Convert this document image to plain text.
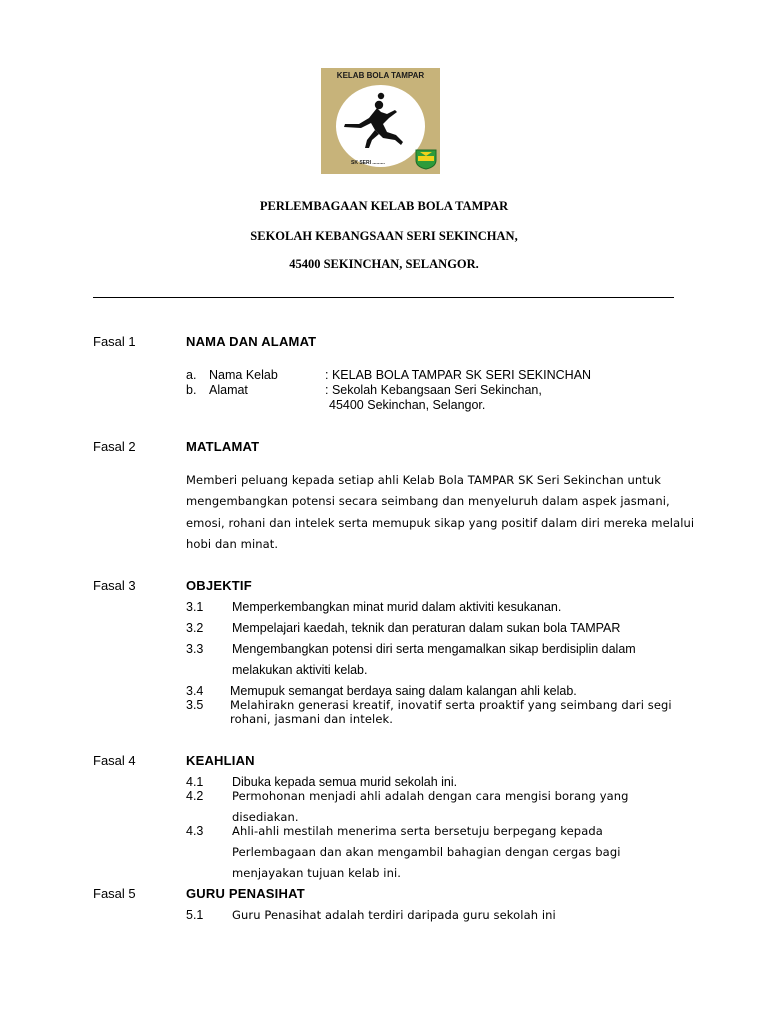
KELAB BOLA TAMPAR
SK SERI .........
PERLEMBAGAAN KELAB BOLA TAMPAR
SEKOLAH KEBANGSAAN SERI SEKINCHAN,
45400 SEKINCHAN, SELANGOR.
Fasal 1	NAMA DAN ALAMAT
a. Nama Kelab	: KELAB BOLA TAMPAR SK SERI SEKINCHAN
b. Alamat	: Sekolah Kebangsaan Seri Sekinchan,
45400 Sekinchan, Selangor.
Fasal 2	MATLAMAT
Memberi peluang kepada setiap ahli Kelab Bola TAMPAR SK Seri Sekinchan untuk
mengembangkan potensi secara seimbang dan menyeluruh dalam aspek jasmani,
emosi, rohani dan intelek serta memupuk sikap yang positif dalam diri mereka melalui
hobi dan minat.
Fasal 3	OBJEKTIF
3.1 Memperkembangkan minat murid dalam aktiviti kesukanan.
3.2 Mempelajari kaedah, teknik dan peraturan dalam sukan bola TAMPAR
3.3 Mengembangkan potensi diri serta mengamalkan sikap berdisiplin dalam
melakukan aktiviti kelab.
3.4 Memupuk semangat berdaya saing dalam kalangan ahli kelab.
3.5 Melahirakn generasi kreatif, inovatif serta proaktif yang seimbang dari segi
rohani, jasmani dan intelek.
Fasal 4	KEAHLIAN
4.1 Dibuka kepada semua murid sekolah ini.
4.2 Permohonan menjadi ahli adalah dengan cara mengisi borang yang
disediakan.
4.3 Ahli-ahli mestilah menerima serta bersetuju berpegang kepada
Perlembagaan dan akan mengambil bahagian dengan cergas bagi
menjayakan tujuan kelab ini.
Fasal 5	GURU PENASIHAT
5.1 Guru Penasihat adalah terdiri daripada guru sekolah ini
